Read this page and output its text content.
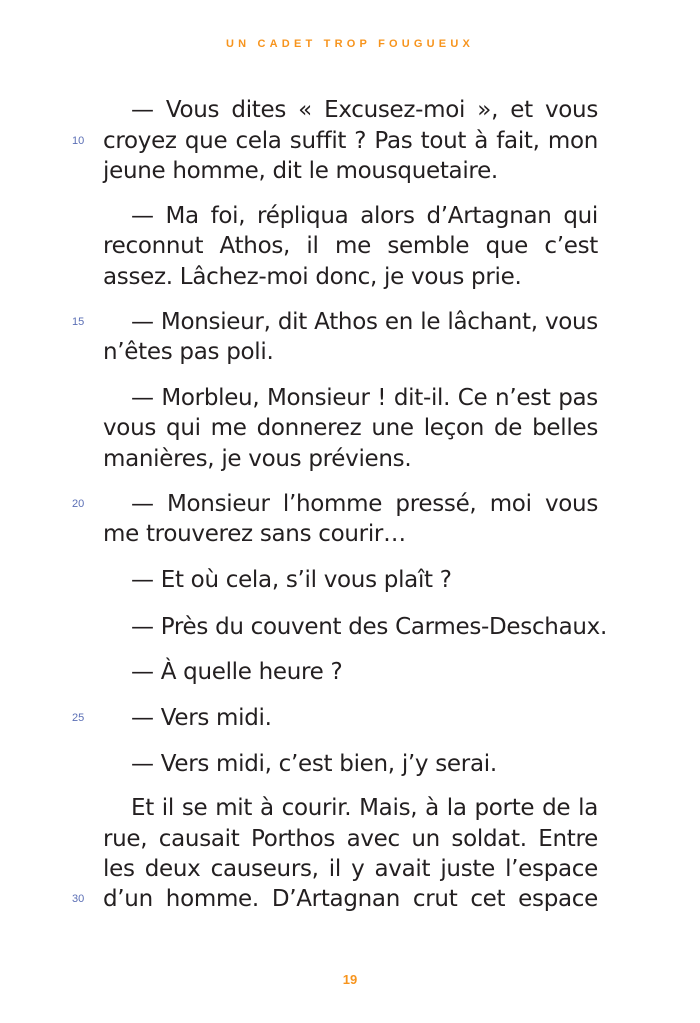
UN CADET TROP FOUGUEUX
10
15
20
25
30
— Vous dites « Excusez-moi », et vous
croyez que cela suffit ? Pas tout à fait, mon
jeune homme, dit le mousquetaire.
— Ma foi, répliqua alors d’Artagnan qui
reconnut Athos, il me semble que c’est
assez. Lâchez-moi donc, je vous prie.
— Monsieur, dit Athos en le lâchant, vous
n’êtes pas poli.
— Morbleu, Monsieur ! dit-il. Ce n’est pas
vous qui me donnerez une leçon de belles
manières, je vous préviens.
— Monsieur l’homme pressé, moi vous
me trouverez sans courir…
— Et où cela, s’il vous plaît ?
— Près du couvent des Carmes-Deschaux.
— À quelle heure ?
— Vers midi.
— Vers midi, c’est bien, j’y serai.
Et il se mit à courir. Mais, à la porte de la
rue, causait Porthos avec un soldat. Entre
les deux causeurs, il y avait juste l’espace
d’un homme. D’Artagnan crut cet espace
19
